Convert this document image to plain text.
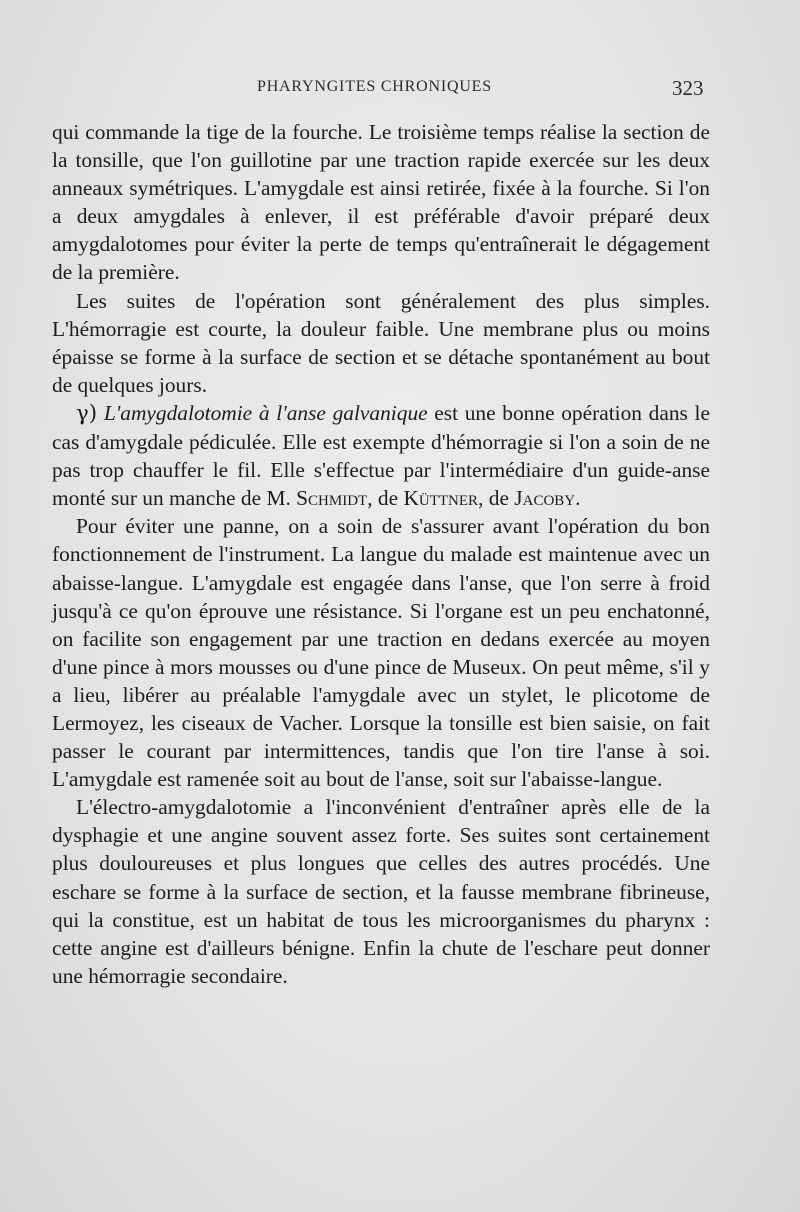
PHARYNGITES CHRONIQUES	323

qui commande la tige de la fourche. Le troisième temps réalise la section de la tonsille, que l'on guillotine par une traction rapide exercée sur les deux anneaux symétriques. L'amygdale est ainsi retirée, fixée à la fourche. Si l'on a deux amygdales à enlever, il est préférable d'avoir préparé deux amygdalotomes pour éviter la perte de temps qu'entraînerait le dégagement de la première.

Les suites de l'opération sont généralement des plus simples. L'hémorragie est courte, la douleur faible. Une membrane plus ou moins épaisse se forme à la surface de section et se détache spontanément au bout de quelques jours.

γ) L'amygdalotomie à l'anse galvanique est une bonne opération dans le cas d'amygdale pédiculée. Elle est exempte d'hémorragie si l'on a soin de ne pas trop chauffer le fil. Elle s'effectue par l'intermédiaire d'un guide-anse monté sur un manche de M. Schmidt, de Küttner, de Jacoby.

Pour éviter une panne, on a soin de s'assurer avant l'opération du bon fonctionnement de l'instrument. La langue du malade est maintenue avec un abaisse-langue. L'amygdale est engagée dans l'anse, que l'on serre à froid jusqu'à ce qu'on éprouve une résistance. Si l'organe est un peu enchatonné, on facilite son engagement par une traction en dedans exercée au moyen d'une pince à mors mousses ou d'une pince de Museux. On peut même, s'il y a lieu, libérer au préalable l'amygdale avec un stylet, le plicotome de Lermoyez, les ciseaux de Vacher. Lorsque la tonsille est bien saisie, on fait passer le courant par intermittences, tandis que l'on tire l'anse à soi. L'amygdale est ramenée soit au bout de l'anse, soit sur l'abaisse-langue.

L'électro-amygdalotomie a l'inconvénient d'entraîner après elle de la dysphagie et une angine souvent assez forte. Ses suites sont certainement plus douloureuses et plus longues que celles des autres procédés. Une eschare se forme à la surface de section, et la fausse membrane fibrineuse, qui la constitue, est un habitat de tous les microorganismes du pharynx : cette angine est d'ailleurs bénigne. Enfin la chute de l'eschare peut donner une hémorragie secondaire.
